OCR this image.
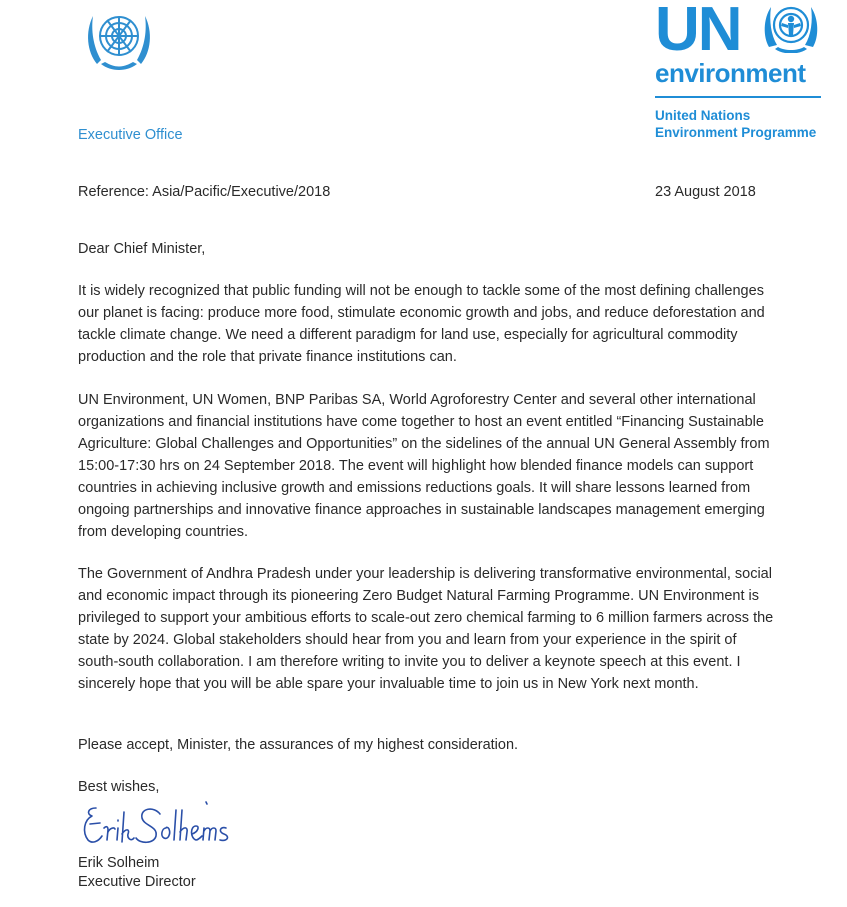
Executive Office
UN
environment
United Nations
Environment Programme
Reference: Asia/Pacific/Executive/2018	23 August 2018
Dear Chief Minister,

It is widely recognized that public funding will not be enough to tackle some of the most defining challenges our planet is facing: produce more food, stimulate economic growth and jobs, and reduce deforestation and tackle climate change. We need a different paradigm for land use, especially for agricultural commodity production and the role that private finance institutions can.

UN Environment, UN Women, BNP Paribas SA, World Agroforestry Center and several other international organizations and financial institutions have come together to host an event entitled “Financing Sustainable Agriculture: Global Challenges and Opportunities” on the sidelines of the annual UN General Assembly from 15:00-17:30 hrs on 24 September 2018. The event will highlight how blended finance models can support countries in achieving inclusive growth and emissions reductions goals. It will share lessons learned from ongoing partnerships and innovative finance approaches in sustainable landscapes management emerging from developing countries.

The Government of Andhra Pradesh under your leadership is delivering transformative environmental, social and economic impact through its pioneering Zero Budget Natural Farming Programme. UN Environment is privileged to support your ambitious efforts to scale-out zero chemical farming to 6 million farmers across the state by 2024. Global stakeholders should hear from you and learn from your experience in the spirit of south-south collaboration. I am therefore writing to invite you to deliver a keynote speech at this event. I sincerely hope that you will be able spare your invaluable time to join us in New York next month.

Please accept, Minister, the assurances of my highest consideration.
Best wishes,
Erik Solheim
Executive Director
